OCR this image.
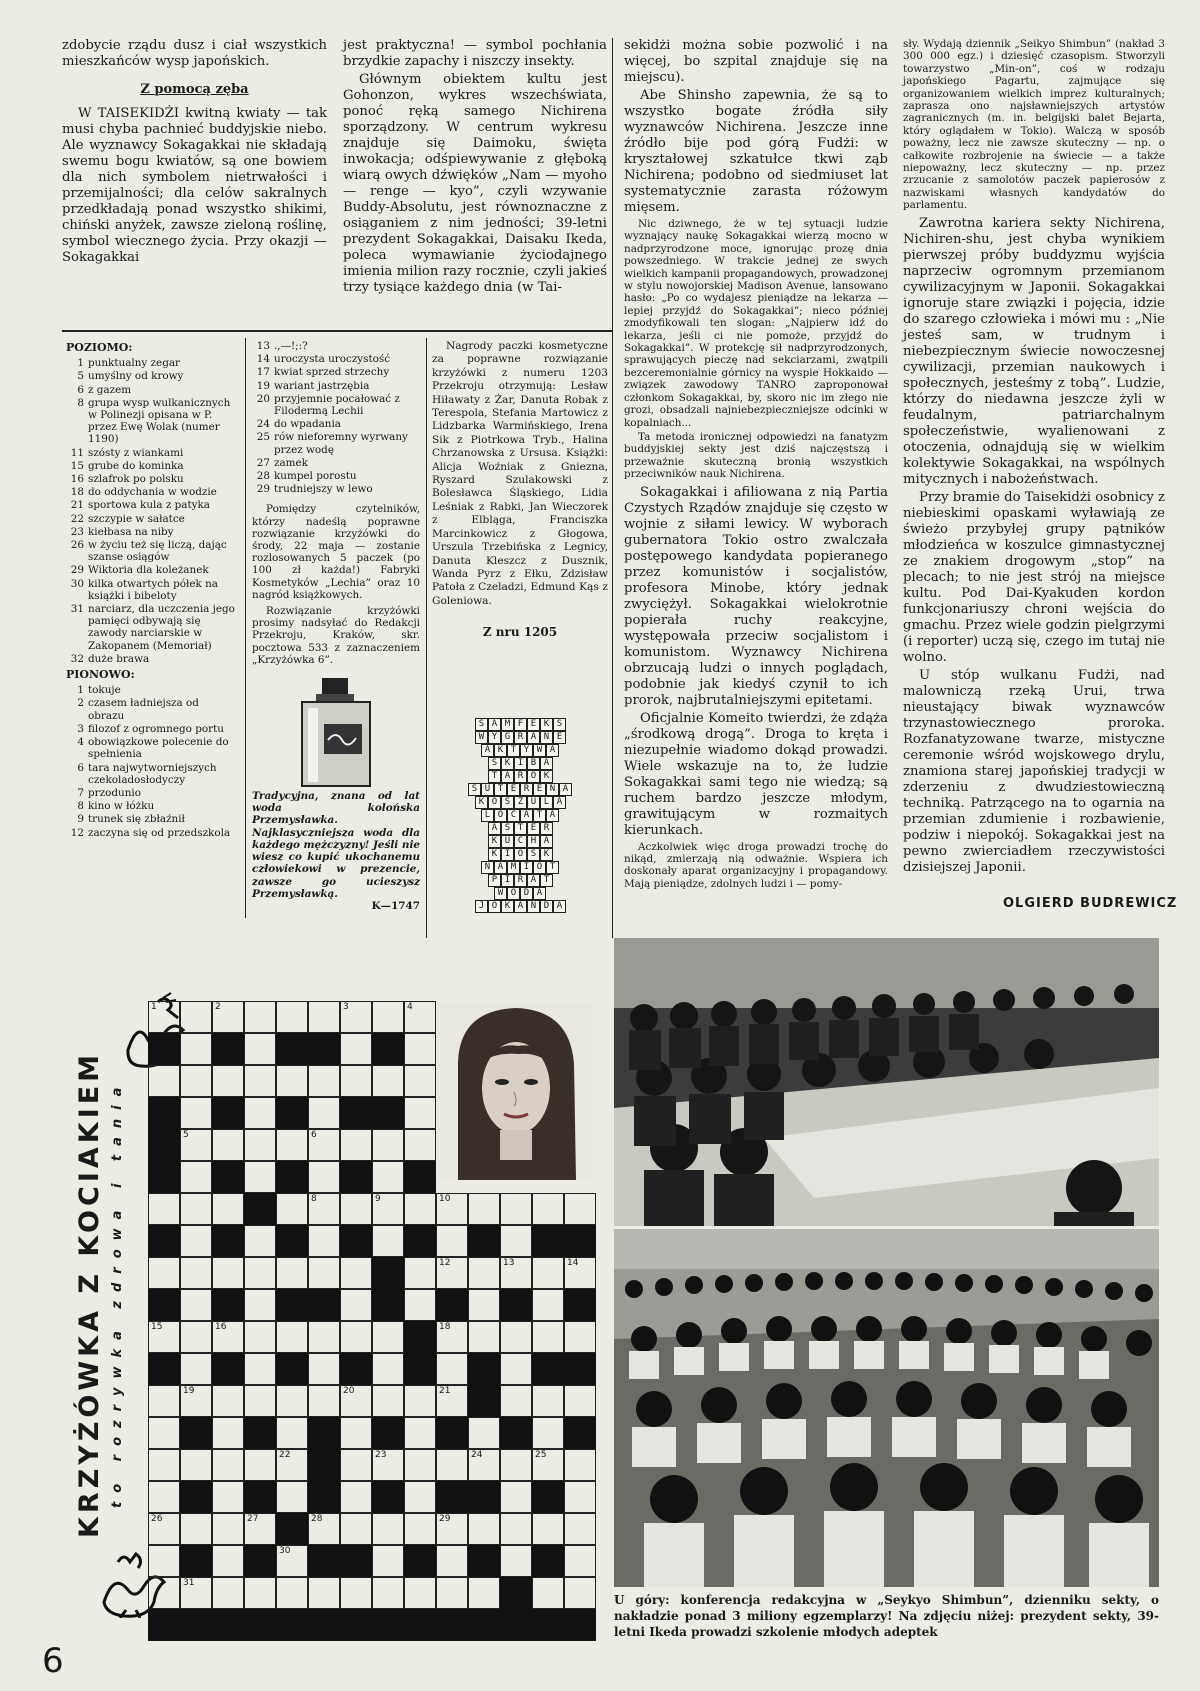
zdobycie rządu dusz i ciał wszystkich mieszkańców wysp japońskich.

Z pomocą zęba

W TAISEKIDŻI kwitną kwiaty — tak musi chyba pachnieć buddyjskie niebo. Ale wyznawcy Sokagakkai nie składają swemu bogu kwiatów, są one bowiem dla nich symbolem nietrwałości i przemijalności; dla celów sakralnych przedkładają ponad wszystko shikimi, chiński anyżek, zawsze zieloną roślinę, symbol wiecznego życia. Przy okazji — Sokagakkai

jest praktyczna! — symbol pochłania brzydkie zapachy i niszczy insekty.

Głównym obiektem kultu jest Gohonzon, wykres wszechświata, ponoć ręką samego Nichirena sporządzony. W centrum wykresu znajduje się Daimoku, święta inwokacja; odśpiewywanie z głęboką wiarą owych dźwięków „Nam — myoho — renge — kyo”, czyli wzywanie Buddy-Absolutu, jest równoznaczne z osiąganiem z nim jedności; 39-letni prezydent Sokagakkai, Daisaku Ikeda, poleca wymawianie życiodajnego imienia milion razy rocznie, czyli jakieś trzy tysiące każdego dnia (w Tai-

sekidżi można sobie pozwolić i na więcej, bo szpital znajduje się na miejscu).

Abe Shinsho zapewnia, że są to wszystko bogate źródła siły wyznawców Nichirena. Jeszcze inne źródło bije pod górą Fudżi: w kryształowej szkatułce tkwi ząb Nichirena; podobno od siedmiuset lat systematycznie zarasta różowym mięsem.

Nic dziwnego, że w tej sytuacji ludzie wyznający naukę Sokagakkai wierzą mocno w nadprzyrodzone moce, ignorując prozę dnia powszedniego. W trakcie jednej ze swych wielkich kampanii propagandowych, prowadzonej w stylu nowojorskiej Madison Avenue, lansowano hasło: „Po co wydajesz pieniądze na lekarza — lepiej przyjdź do Sokagakkai”; nieco później zmodyfikowali ten slogan: „Najpierw idź do lekarza, jeśli ci nie pomoże, przyjdź do Sokagakkai”. W protekcję sił nadprzyrodzonych, sprawujących pieczę nad sekciarzami, zwątpili bezceremonialnie górnicy na wyspie Hokkaido — związek zawodowy TANRO zaproponował członkom Sokagakkai, by, skoro nic im złego nie grozi, obsadzali najniebezpieczniejsze odcinki w kopalniach...

Ta metoda ironicznej odpowiedzi na fanatyzm buddyjskiej sekty jest dziś najczęstszą i przeważnie skuteczną bronią wszystkich przeciwników nauk Nichirena.

Sokagakkai i afiliowana z nią Partia Czystych Rządów znajduje się często w wojnie z siłami lewicy. W wyborach gubernatora Tokio ostro zwalczała postępowego kandydata popieranego przez komunistów i socjalistów, profesora Minobe, który jednak zwyciężył. Sokagakkai wielokrotnie popierała ruchy reakcyjne, występowała przeciw socjalistom i komunistom. Wyznawcy Nichirena obrzucają ludzi o innych poglądach, podobnie jak kiedyś czynił to ich prorok, najbrutalniejszymi epitetami.

Oficjalnie Komeito twierdzi, że zdąża „środkową drogą”. Droga to kręta i niezupełnie wiadomo dokąd prowadzi. Wiele wskazuje na to, że ludzie Sokagakkai sami tego nie wiedzą; są ruchem bardzo jeszcze młodym, grawitującym w rozmaitych kierunkach.

Aczkolwiek więc droga prowadzi trochę do nikąd, zmierzają nią odważnie. Wspiera ich doskonały aparat organizacyjny i propagandowy. Mają pieniądze, zdolnych ludzi i — pomy-

sły. Wydają dziennik „Seikyo Shimbun” (nakład 3 300 000 egz.) i dziesięć czasopism. Stworzyli towarzystwo „Min-on”, coś w rodzaju japońskiego Pagartu, zajmujące się organizowaniem wielkich imprez kulturalnych; zaprasza ono najsławniejszych artystów zagranicznych (m. in. belgijski balet Bejarta, który oglądałem w Tokio). Walczą w sposób poważny, lecz nie zawsze skuteczny — np. o całkowite rozbrojenie na świecie — a także niepoważny, lecz skuteczny — np. przez zrzucanie z samolotów paczek papierosów z nazwiskami własnych kandydatów do parlamentu.

Zawrotna kariera sekty Nichirena, Nichiren-shu, jest chyba wynikiem pierwszej próby buddyzmu wyjścia naprzeciw ogromnym przemianom cywilizacyjnym w Japonii. Sokagakkai ignoruje stare związki i pojęcia, idzie do szarego człowieka i mówi mu : „Nie jesteś sam, w trudnym i niebezpiecznym świecie nowoczesnej cywilizacji, przemian naukowych i społecznych, jesteśmy z tobą”. Ludzie, którzy do niedawna jeszcze żyli w feudalnym, patriarchalnym społeczeństwie, wyalienowani z otoczenia, odnajdują się w wielkim kolektywie Sokagakkai, na wspólnych mitycznych i nabożeństwach.

Przy bramie do Taisekidżi osobnicy z niebieskimi opaskami wyławiają ze świeżo przybyłej grupy pątników młodzieńca w koszulce gimnastycznej ze znakiem drogowym „stop” na plecach; to nie jest strój na miejsce kultu. Pod Dai-Kyakuden kordon funkcjonariuszy chroni wejścia do gmachu. Przez wiele godzin pielgrzymi (i reporter) uczą się, czego im tutaj nie wolno.

U stóp wulkanu Fudżi, nad malowniczą rzeką Urui, trwa nieustający biwak wyznawców trzynastowiecznego proroka. Rozfanatyzowane twarze, mistyczne ceremonie wśród wojskowego drylu, znamiona starej japońskiej tradycji w zderzeniu z dwudziestowieczną techniką. Patrzącego na to ogarnia na przemian zdumienie i rozbawienie, podziw i niepokój. Sokagakkai jest na pewno zwierciadłem rzeczywistości dzisiejszej Japonii.

OLGIERD BUDREWICZ
POZIOMO:
1 punktualny zegar
5 umyślny od krowy
6 z gazem
8 grupa wysp wulkanicznych w Polinezji opisana w P. przez Ewę Wolak (numer 1190)
11 szósty z wiankami
15 grube do kominka
16 szlafrok po polsku
18 do oddychania w wodzie
21 sportowa kula z patyka
22 szczypie w sałatce
23 kiełbasa na niby
26 w życiu też się liczą, dając szanse osiągów
29 Wiktoria dla koleżanek
30 kilka otwartych półek na książki i bibeloty
31 narciarz, dla uczczenia jego pamięci odbywają się zawody narciarskie w Zakopanem (Memoriał)
32 duże brawa
PIONOWO:
1 tokuje
2 czasem ładniejsza od obrazu
3 filozof z ogromnego portu
4 obowiązkowe polecenie do spełnienia
6 tara najwytworniejszych czekoladosłodyczy
7 przodunio
8 kino w łóżku
9 trunek się zbłaźnił
12 zaczyna się od przedszkola
13 .,—!;:?
14 uroczysta uroczystość
17 kwiat sprzed strzechy
19 wariant jastrzębia
20 przyjemnie pocałować z Filodermą Lechii
24 do wpadania
25 rów nieforemny wyrwany przez wodę
27 zamek
28 kumpel porostu
29 trudniejszy w lewo
Pomiędzy czytelników, którzy nadeślą poprawne rozwiązanie krzyżówki do środy, 22 maja — zostanie rozlosowanych 5 paczek (po 100 zł każda!) Fabryki Kosmetyków „Lechia” oraz 10 nagród książkowych.
Rozwiązanie krzyżówki prosimy nadsyłać do Redakcji Przekroju, Kraków, skr. pocztowa 533 z zaznaczeniem „Krzyżówka 6”.
Tradycyjna, znana od lat woda kolońska Przemysławka. Najklasyczniejsza woda dla każdego mężczyzny! Jeśli nie wiesz co kupić ukochanemu człowiekowi w prezencie, zawsze go ucieszysz Przemysławką.
K—1747
Nagrody paczki kosmetyczne za poprawne rozwiązanie krzyżówki z numeru 1203 Przekroju otrzymują: Lesław Hiławaty z Żar, Danuta Robak z Terespola, Stefania Martowicz z Lidzbarka Warmińskiego, Irena Sik z Piotrkowa Tryb., Halina Chrzanowska z Ursusa. Książki: Alicja Woźniak z Gniezna, Ryszard Szulakowski z Bolesławca Śląskiego, Lidia Leśniak z Rabki, Jan Wieczorek z Elbląga, Franciszka Marcinkowicz z Głogowa, Urszula Trzebińska z Legnicy, Danuta Kleszcz z Dusznik, Wanda Pyrz z Ełku, Zdzisław Patoła z Czeladzi, Edmund Kąs z Goleniowa.
Z nru 1205
S A M F E K S
W Y G R A N E
A K T Y W A
S K I B A
T A R O K
S U T E R E N A
K O S Z U L A
L O C A T A
A S T E R
K U C H A
K I O S K
N A M I O T
P I R A T
W O D A
J O K A N D A
KRZYŻÓWKA Z KOCIAKIEM to rozrywka zdrowa i tania
1	2	3	4
5	6
8	9	10
12	13	14
15	16	18
19	20	21
22	23	24	25
26	27	28	29
30
31
U góry: konferencja redakcyjna w „Seykyo Shimbun”, dzienniku sekty, o nakładzie ponad 3 miliony egzemplarzy! Na zdjęciu niżej: prezydent sekty, 39-letni Ikeda prowadzi szkolenie młodych adeptek
6
